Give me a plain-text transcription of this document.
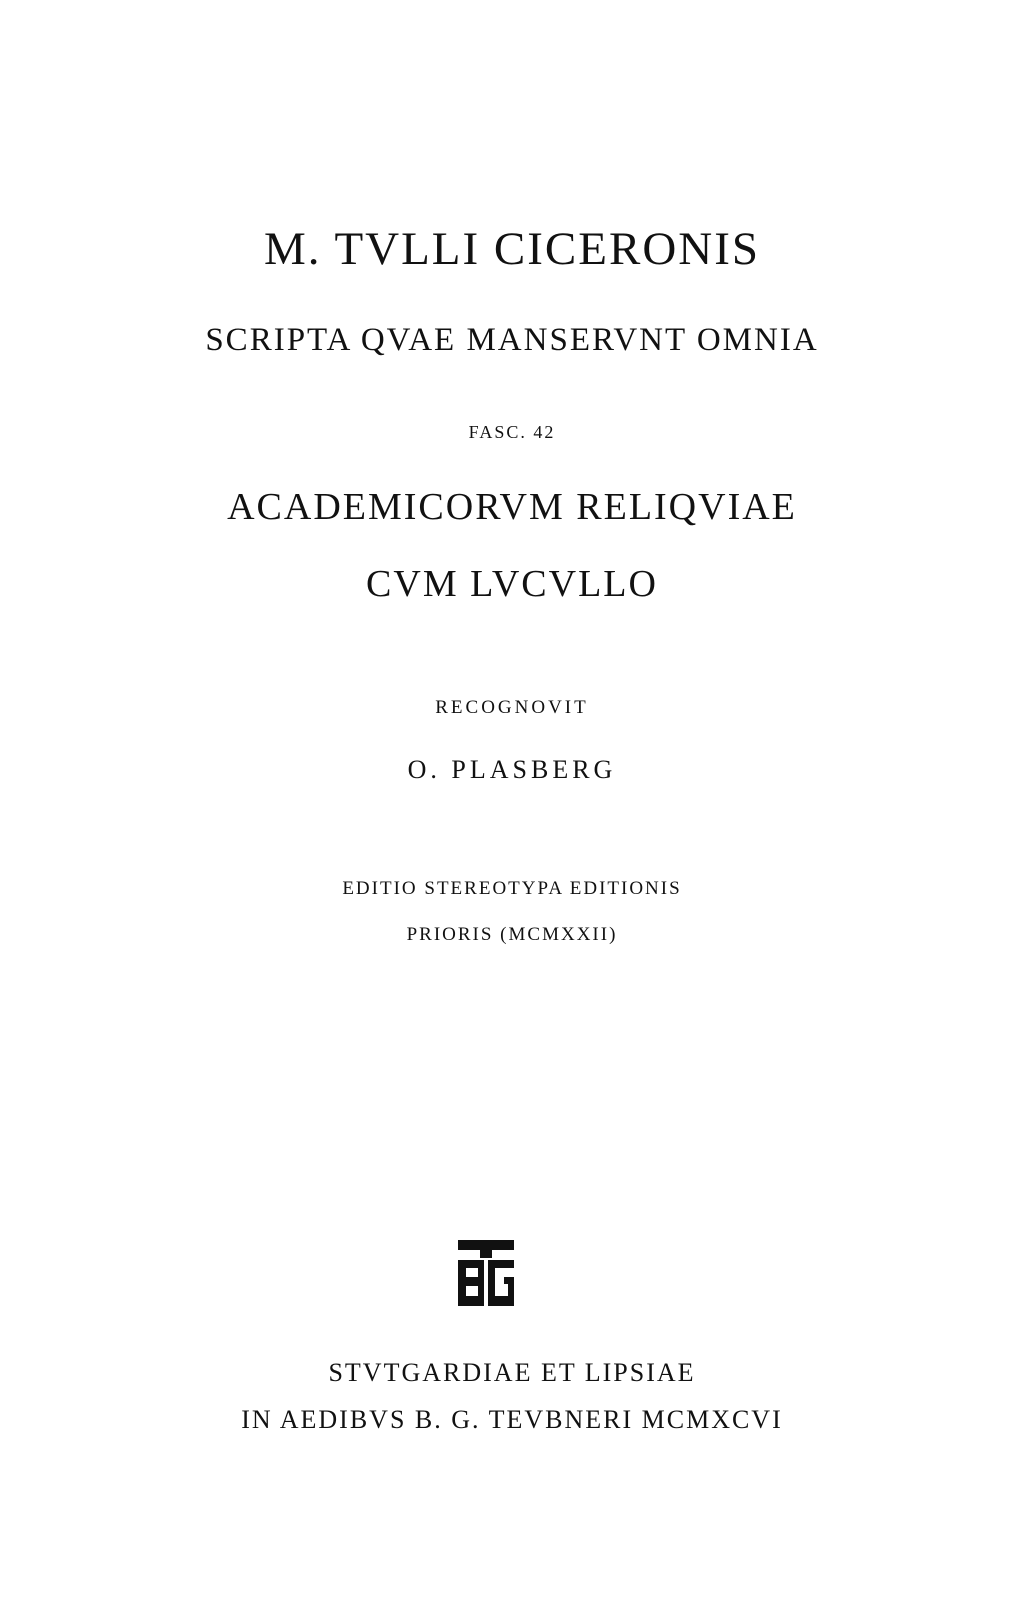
M. TVLLI CICERONIS
SCRIPTA QVAE MANSERVNT OMNIA
FASC. 42
ACADEMICORVM RELIQVIAE
CVM LVCVLLO
RECOGNOVIT
O. PLASBERG
EDITIO STEREOTYPA EDITIONIS
PRIORIS (MCMXXII)
STVTGARDIAE ET LIPSIAE
IN AEDIBVS B. G. TEVBNERI MCMXCVI
